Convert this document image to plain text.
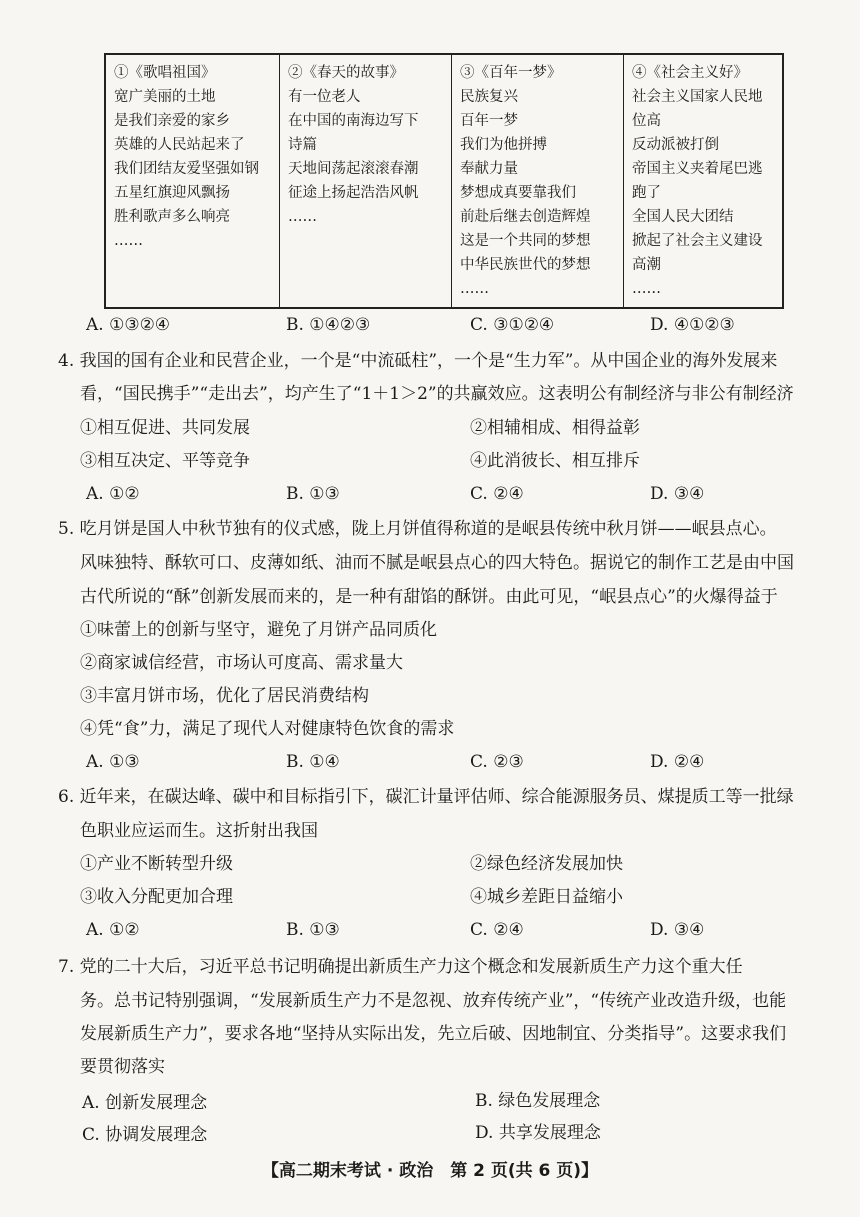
①《歌唱祖国》
宽广美丽的土地
是我们亲爱的家乡
英雄的人民站起来了
我们团结友爱坚强如钢
五星红旗迎风飘扬
胜利歌声多么响亮
……
②《春天的故事》
有一位老人
在中国的南海边写下
诗篇
天地间荡起滚滚春潮
征途上扬起浩浩风帆
……
③《百年一梦》
民族复兴
百年一梦
我们为他拼搏
奉献力量
梦想成真要靠我们
前赴后继去创造辉煌
这是一个共同的梦想
中华民族世代的梦想
……
④《社会主义好》
社会主义国家人民地
位高
反动派被打倒
帝国主义夹着尾巴逃
跑了
全国人民大团结
掀起了社会主义建设
高潮
……
A. ①③②④	B. ①④②③	C. ③①②④	D. ④①②③
4. 我国的国有企业和民营企业，一个是“中流砥柱”，一个是“生力军”。从中国企业的海外发展来
看，“国民携手”“走出去”，均产生了“1＋1＞2”的共赢效应。这表明公有制经济与非公有制经济
①相互促进、共同发展	②相辅相成、相得益彰
③相互决定、平等竞争	④此消彼长、相互排斥
A. ①②	B. ①③	C. ②④	D. ③④
5. 吃月饼是国人中秋节独有的仪式感，陇上月饼值得称道的是岷县传统中秋月饼——岷县点心。
风味独特、酥软可口、皮薄如纸、油而不腻是岷县点心的四大特色。据说它的制作工艺是由中国
古代所说的“酥”创新发展而来的，是一种有甜馅的酥饼。由此可见，“岷县点心”的火爆得益于
①味蕾上的创新与坚守，避免了月饼产品同质化
②商家诚信经营，市场认可度高、需求量大
③丰富月饼市场，优化了居民消费结构
④凭“食”力，满足了现代人对健康特色饮食的需求
A. ①③	B. ①④	C. ②③	D. ②④
6. 近年来，在碳达峰、碳中和目标指引下，碳汇计量评估师、综合能源服务员、煤提质工等一批绿
色职业应运而生。这折射出我国
①产业不断转型升级	②绿色经济发展加快
③收入分配更加合理	④城乡差距日益缩小
A. ①②	B. ①③	C. ②④	D. ③④
7. 党的二十大后，习近平总书记明确提出新质生产力这个概念和发展新质生产力这个重大任
务。总书记特别强调，“发展新质生产力不是忽视、放弃传统产业”，“传统产业改造升级，也能
发展新质生产力”，要求各地“坚持从实际出发，先立后破、因地制宜、分类指导”。这要求我们
要贯彻落实
A. 创新发展理念	B. 绿色发展理念
C. 协调发展理念	D. 共享发展理念
【高二期末考试 · 政治　第 2 页(共 6 页)】
